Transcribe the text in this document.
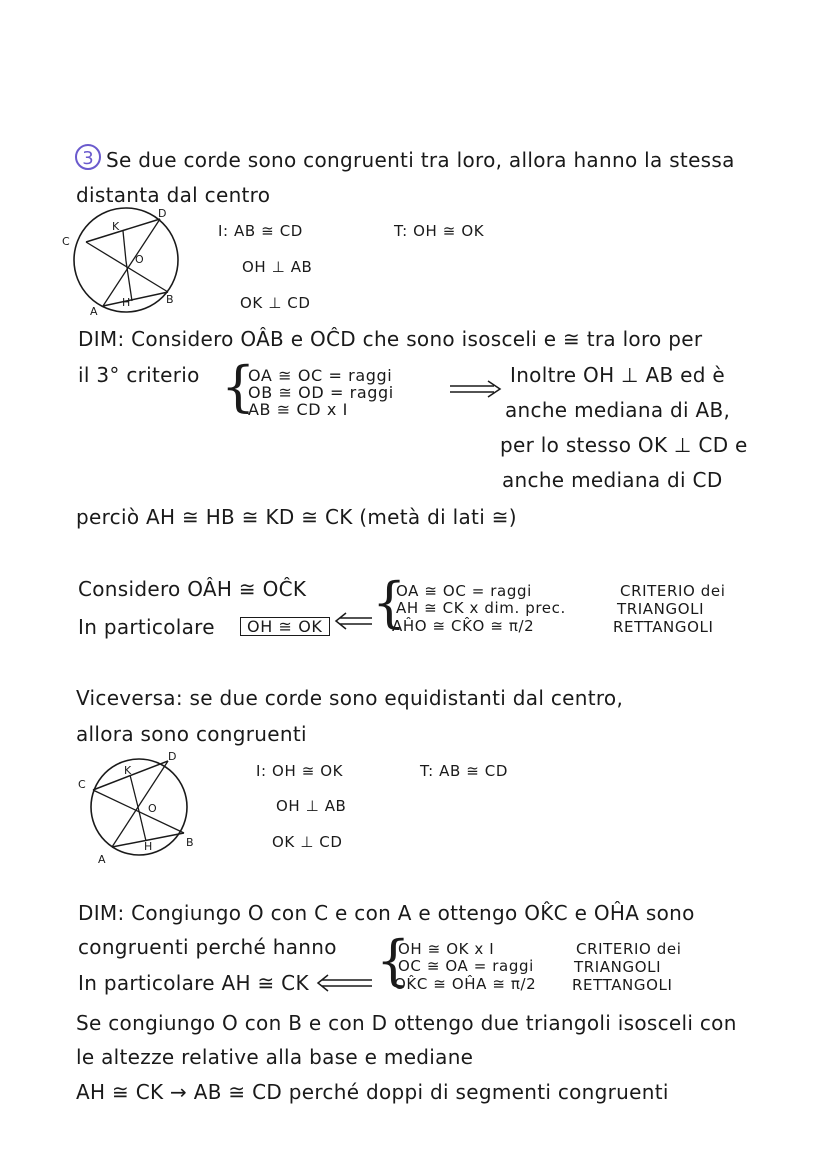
3 Se due corde sono congruenti tra loro, allora hanno la stessa
distanta dal centro
C
D
K
O
H
A
B
I: AB ≅ CD	T: OH ≅ OK
OH ⊥ AB
OK ⊥ CD
DIM: Considero OÂB e OĈD che sono isosceli e ≅ tra loro per
il 3° criterio {
OA ≅ OC = raggi
OB ≅ OD = raggi
AB ≅ CD x I
Inoltre OH ⊥ AB ed è
anche mediana di AB,
per lo stesso OK ⊥ CD e
anche mediana di CD
perciò AH ≅ HB ≅ KD ≅ CK (metà di lati ≅)
Considero OÂH ≅ OĈK
In particolare	OH ≅ OK {
OA ≅ OC = raggi
AH ≅ CK x dim. prec.
AĤO ≅ CK̂O ≅ π/2
CRITERIO dei
TRIANGOLI
RETTANGOLI
Viceversa: se due corde sono equidistanti dal centro,
allora sono congruenti
C
D
K
O
H
A
B
I: OH ≅ OK	T: AB ≅ CD
OH ⊥ AB
OK ⊥ CD
DIM: Congiungo O con C e con A e ottengo OK̂C e OĤA sono
congruenti perché hanno
In particolare AH ≅ CK {
OH ≅ OK x I
OC ≅ OA = raggi
OK̂C ≅ OĤA ≅ π/2
CRITERIO dei
TRIANGOLI
RETTANGOLI
Se congiungo O con B e con D ottengo due triangoli isosceli con
le altezze relative alla base e mediane
AH ≅ CK → AB ≅ CD perché doppi di segmenti congruenti
